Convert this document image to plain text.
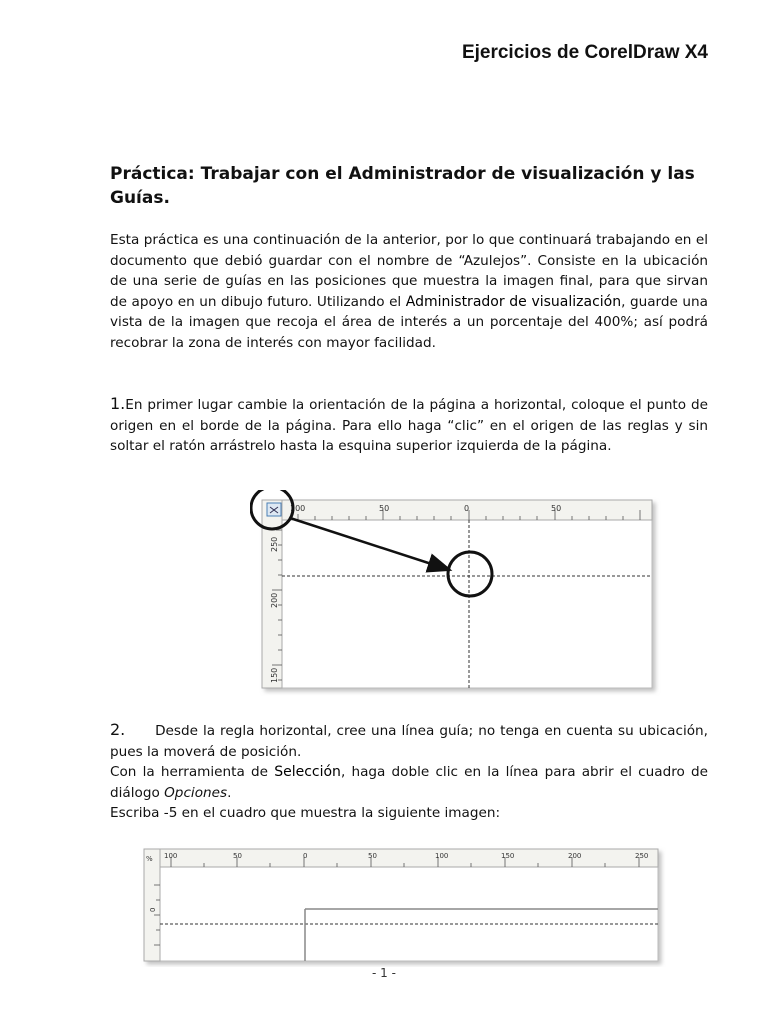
Ejercicios de CorelDraw X4
Práctica: Trabajar con el Administrador de visualización y las Guías.

Esta práctica es una continuación de la anterior, por lo que continuará trabajando en el documento que debió guardar con el nombre de “Azulejos”. Consiste en la ubicación de una serie de guías en las posiciones que muestra la imagen final, para que sirvan de apoyo en un dibujo futuro. Utilizando el Administrador de visualización, guarde una vista de la imagen que recoja el área de interés a un porcentaje del 400%; así podrá recobrar la zona de interés con mayor facilidad.

1.En primer lugar cambie la orientación de la página a horizontal, coloque el punto de origen en el borde de la página. Para ello haga “clic” en el origen de las reglas y sin soltar el ratón arrástrelo hasta la esquina superior izquierda de la página.

100	50	0	50
250
200
150
2. Desde la regla horizontal, cree una línea guía; no tenga en cuenta su ubicación, pues la moverá de posición.
Con la herramienta de Selección, haga doble clic en la línea para abrir el cuadro de diálogo Opciones.
Escriba -5 en el cuadro que muestra la siguiente imagen:
% 100	50	0	50	100	150	200	250
0
- 1 -
